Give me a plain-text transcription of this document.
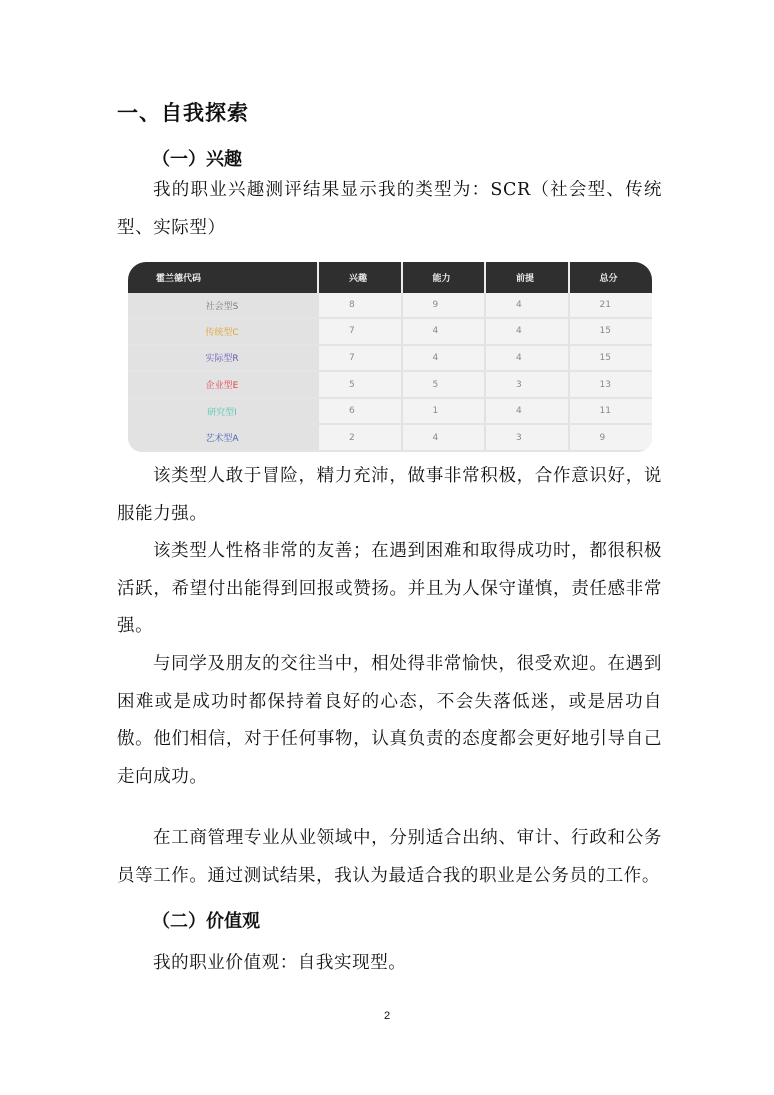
一、自我探索
（一）兴趣

我的职业兴趣测评结果显示我的类型为：SCR（社会型、传统型、实际型）

霍兰德代码	兴趣	能力	前提	总分
社会型S	8	9	4	21
传统型C	7	4	4	15
实际型R	7	4	4	15
企业型E	5	5	3	13
研究型I	6	1	4	11
艺术型A	2	4	3	9

该类型人敢于冒险，精力充沛，做事非常积极，合作意识好，说服能力强。

该类型人性格非常的友善；在遇到困难和取得成功时，都很积极活跃，希望付出能得到回报或赞扬。并且为人保守谨慎，责任感非常强。

与同学及朋友的交往当中，相处得非常愉快，很受欢迎。在遇到困难或是成功时都保持着良好的心态，不会失落低迷，或是居功自傲。他们相信，对于任何事物，认真负责的态度都会更好地引导自己走向成功。

在工商管理专业从业领域中，分别适合出纳、审计、行政和公务员等工作。通过测试结果，我认为最适合我的职业是公务员的工作。

（二）价值观

我的职业价值观：自我实现型。

2
